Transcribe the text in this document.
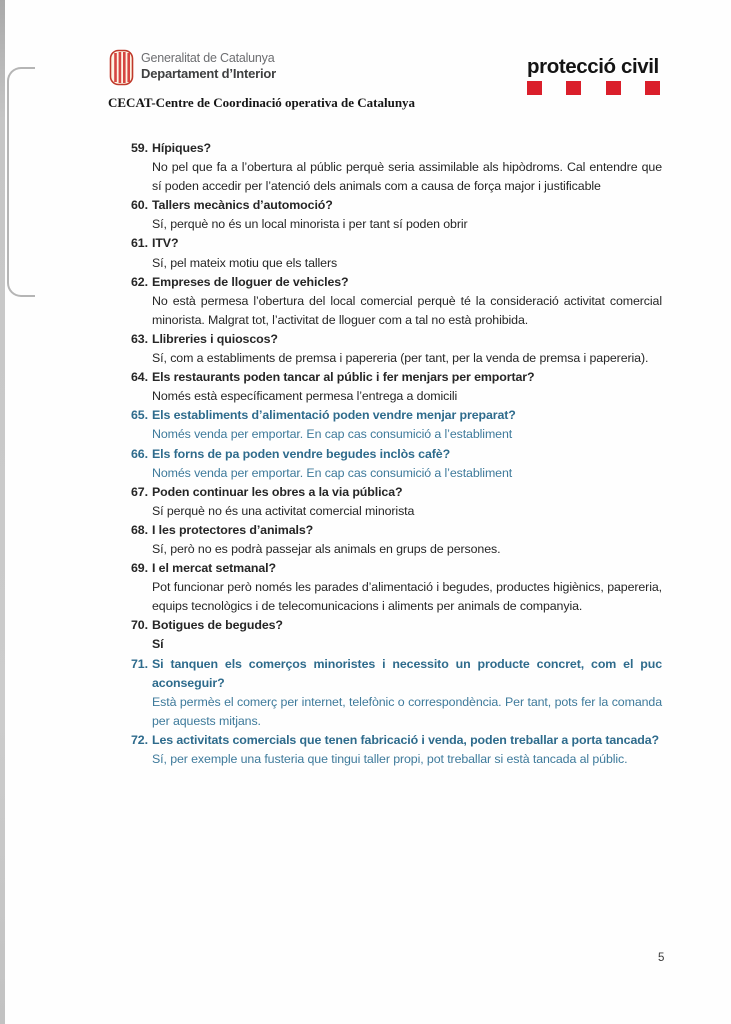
Generalitat de Catalunya
Departament d’Interior
CECAT-Centre de Coordinació operativa de Catalunya
protecció civil
59. Hípiques?
No pel que fa a l’obertura al públic perquè seria assimilable als hipòdroms. Cal entendre que sí poden accedir per l’atenció dels animals com a causa de força major i justificable
60. Tallers mecànics d’automoció?
Sí, perquè no és un local minorista i per tant sí poden obrir
61. ITV?
Sí, pel mateix motiu que els tallers
62. Empreses de lloguer de vehicles?
No està permesa l’obertura del local comercial perquè té la consideració activitat comercial minorista. Malgrat tot, l’activitat de lloguer com a tal no està prohibida.
63. Llibreries i quioscos?
Sí, com a establiments de premsa i papereria (per tant, per la venda de premsa i papereria).
64. Els restaurants poden tancar al públic i fer menjars per emportar?
Només està específicament permesa l’entrega a domicili
65. Els establiments d’alimentació poden vendre menjar preparat?
Només venda per emportar. En cap cas consumició a l’establiment
66. Els forns de pa poden vendre begudes inclòs cafè?
Només venda per emportar. En cap cas consumició a l’establiment
67. Poden continuar les obres a la via pública?
Sí perquè no és una activitat comercial minorista
68. I les protectores d’animals?
Sí, però no es podrà passejar als animals en grups de persones.
69. I el mercat setmanal?
Pot funcionar però només les parades d’alimentació i begudes, productes higiènics, papereria, equips tecnològics i de telecomunicacions i aliments per animals de companyia.
70. Botigues de begudes?
Sí
71. Si tanquen els comerços minoristes i necessito un producte concret, com el puc aconseguir?
Està permès el comerç per internet, telefònic o correspondència. Per tant, pots fer la comanda per aquests mitjans.
72. Les activitats comercials que tenen fabricació i venda, poden treballar a porta tancada?
Sí, per exemple una fusteria que tingui taller propi, pot treballar si està tancada al públic.
5
